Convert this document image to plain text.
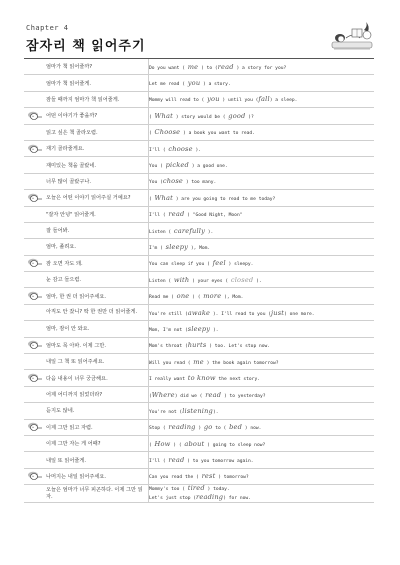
Chapter 4
잠자리 책 읽어주기
	엄마가 책 읽어줄까?	Do you want ( me ) to (read ) a story for you?
	엄마가 책 읽어줄게.	Let me read ( you ) a story.
	잠들 때까지 엄마가 책 읽어줄게.	Mommy will read to ( you ) until you (fall) a sleep.

	어떤 이야기가 좋을까?	( What ) story would be ( good )?
	읽고 싶은 책 골라오렴.	( Choose ) a book you want to read.

	재기 골라줄게요.	I'll ( choose ).
	재미있는 책을 골랐네.	You ( picked ) a good one.
	너무 많이 골랐구나.	You (chose ) too many.

	오늘은 어떤 이야기 읽어주실 거예요?	( What ) are you going to read to me today?
	"잘자 안녕" 읽어줄게.	I'll ( read ) "Good Night, Moon"
	잘 들어봐.	Listen ( carefully ).
	엄마, 졸려요.	I'm ( sleepy ), Mom.

	잠 오면 자도 돼.	You can sleep if you ( feel ) sleepy.
	눈 감고 들으렴.	Listen ( with ) your eyes ( closed ).

	엄마, 한 권 더 읽어주세요.	Read me ( one ) ( more ), Mom.
	아직도 안 잤니? 딱 한 권만 더 읽어줄게.	You're still (awake ). I'll read to you (just) one more.
	엄마, 잠이 안 와요.	Mom, I'm not (sleepy ).

	엄마도 목 아파. 이제 그만.	Mom's throat (hurts ) too. Let's stop now.
	내일 그 책 또 읽어주세요.	Will you read ( me ) the book again tomorrow?

	다음 내용이 너무 궁금해요.	I really want to know the next story.
	어제 어디까지 읽었더라?	(Where) did we ( read ) to yesterday?
	듣지도 않네.	You're not (listening).

	이제 그만 읽고 자렴.	Stop ( reading ) go to ( bed ) now.
	이제 그만 자는 게 어때?	( How ) ( about ) going to sleep now?
	내일 또 읽어줄게.	I'll ( read ) to you tomorrow again.

	나머지는 내일 읽어주세요.	Can you read the ( rest ) tomorrow?
	오늘은 엄마가 너무 피곤하다. 이제 그만 읽자.	Mommy's too ( tired ) today.
Let's just stop (reading) for now.
